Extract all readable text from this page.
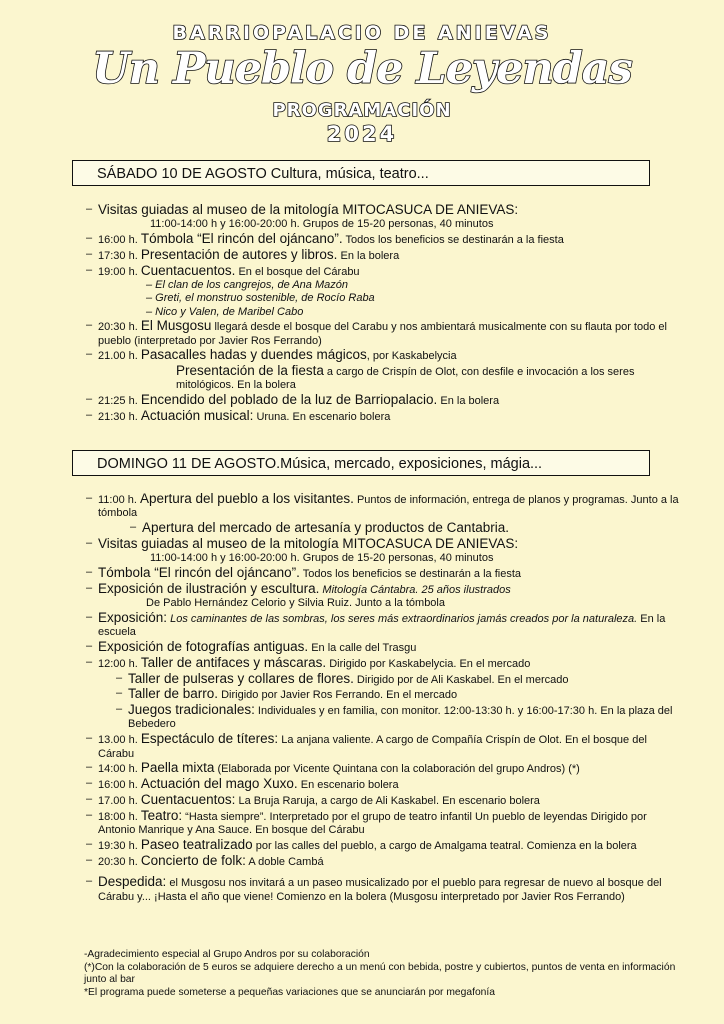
BARRIOPALACIO DE ANIEVAS
Un Pueblo de Leyendas
PROGRAMACIÓN
2024
SÁBADO 10 DE AGOSTO Cultura, música, teatro...
– Visitas guiadas al museo de la mitología MITOCASUCA DE ANIEVAS:
11:00-14:00 h y 16:00-20:00 h. Grupos de 15-20 personas, 40 minutos
– 16:00 h. Tómbola “El rincón del ojáncano”. Todos los beneficios se destinarán a la fiesta
– 17:30 h. Presentación de autores y libros. En la bolera
– 19:00 h. Cuentacuentos. En el bosque del Cárabu
– El clan de los cangrejos, de Ana Mazón
– Greti, el monstruo sostenible, de Rocío Raba
– Nico y Valen, de Maribel Cabo
– 20:30 h. El Musgosu llegará desde el bosque del Carabu y nos ambientará musicalmente con su flauta por todo el pueblo (interpretado por Javier Ros Ferrando)
– 21.00 h. Pasacalles hadas y duendes mágicos, por Kaskabelycia
Presentación de la fiesta a cargo de Crispín de Olot, con desfile e invocación a los seres mitológicos. En la bolera
– 21:25 h. Encendido del poblado de la luz de Barriopalacio. En la bolera
– 21:30 h. Actuación musical: Uruna. En escenario bolera
DOMINGO 11 DE AGOSTO.Música, mercado, exposiciones, mágia...
– 11:00 h. Apertura del pueblo a los visitantes. Puntos de información, entrega de planos y programas. Junto a la tómbola
– Apertura del mercado de artesanía y productos de Cantabria.
– Visitas guiadas al museo de la mitología MITOCASUCA DE ANIEVAS:
11:00-14:00 h y 16:00-20:00 h. Grupos de 15-20 personas, 40 minutos
– Tómbola “El rincón del ojáncano”. Todos los beneficios se destinarán a la fiesta
– Exposición de ilustración y escultura. Mitología Cántabra. 25 años ilustrados
De Pablo Hernández Celorio y Silvia Ruiz. Junto a la tómbola
– Exposición: Los caminantes de las sombras, los seres más extraordinarios jamás creados por la naturaleza. En la escuela
– Exposición de fotografías antiguas. En la calle del Trasgu
– 12:00 h. Taller de antifaces y máscaras. Dirigido por Kaskabelycia. En el mercado
– Taller de pulseras y collares de flores. Dirigido por de Ali Kaskabel. En el mercado
– Taller de barro. Dirigido por Javier Ros Ferrando. En el mercado
– Juegos tradicionales: Individuales y en familia, con monitor. 12:00-13:30 h. y 16:00-17:30 h. En la plaza del Bebedero
– 13.00 h. Espectáculo de títeres: La anjana valiente. A cargo de Compañía Crispín de Olot. En el bosque del Cárabu
– 14:00 h. Paella mixta (Elaborada por Vicente Quintana con la colaboración del grupo Andros) (*)
– 16:00 h. Actuación del mago Xuxo. En escenario bolera
– 17.00 h. Cuentacuentos: La Bruja Raruja, a cargo de Ali Kaskabel. En escenario bolera
– 18:00 h. Teatro: “Hasta siempre”. Interpretado por el grupo de teatro infantil Un pueblo de leyendas Dirigido por Antonio Manrique y Ana Sauce. En bosque del Cárabu
– 19:30 h. Paseo teatralizado por las calles del pueblo, a cargo de Amalgama teatral. Comienza en la bolera
– 20:30 h. Concierto de folk: A doble Cambá
– Despedida: el Musgosu nos invitará a un paseo musicalizado por el pueblo para regresar de nuevo al bosque del Cárabu y... ¡Hasta el año que viene! Comienzo en la bolera (Musgosu interpretado por Javier Ros Ferrando)
-Agradecimiento especial al Grupo Andros por su colaboración
(*)Con la colaboración de 5 euros se adquiere derecho a un menú con bebida, postre y cubiertos, puntos de venta en información junto al bar
*El programa puede someterse a pequeñas variaciones que se anunciarán por megafonía
